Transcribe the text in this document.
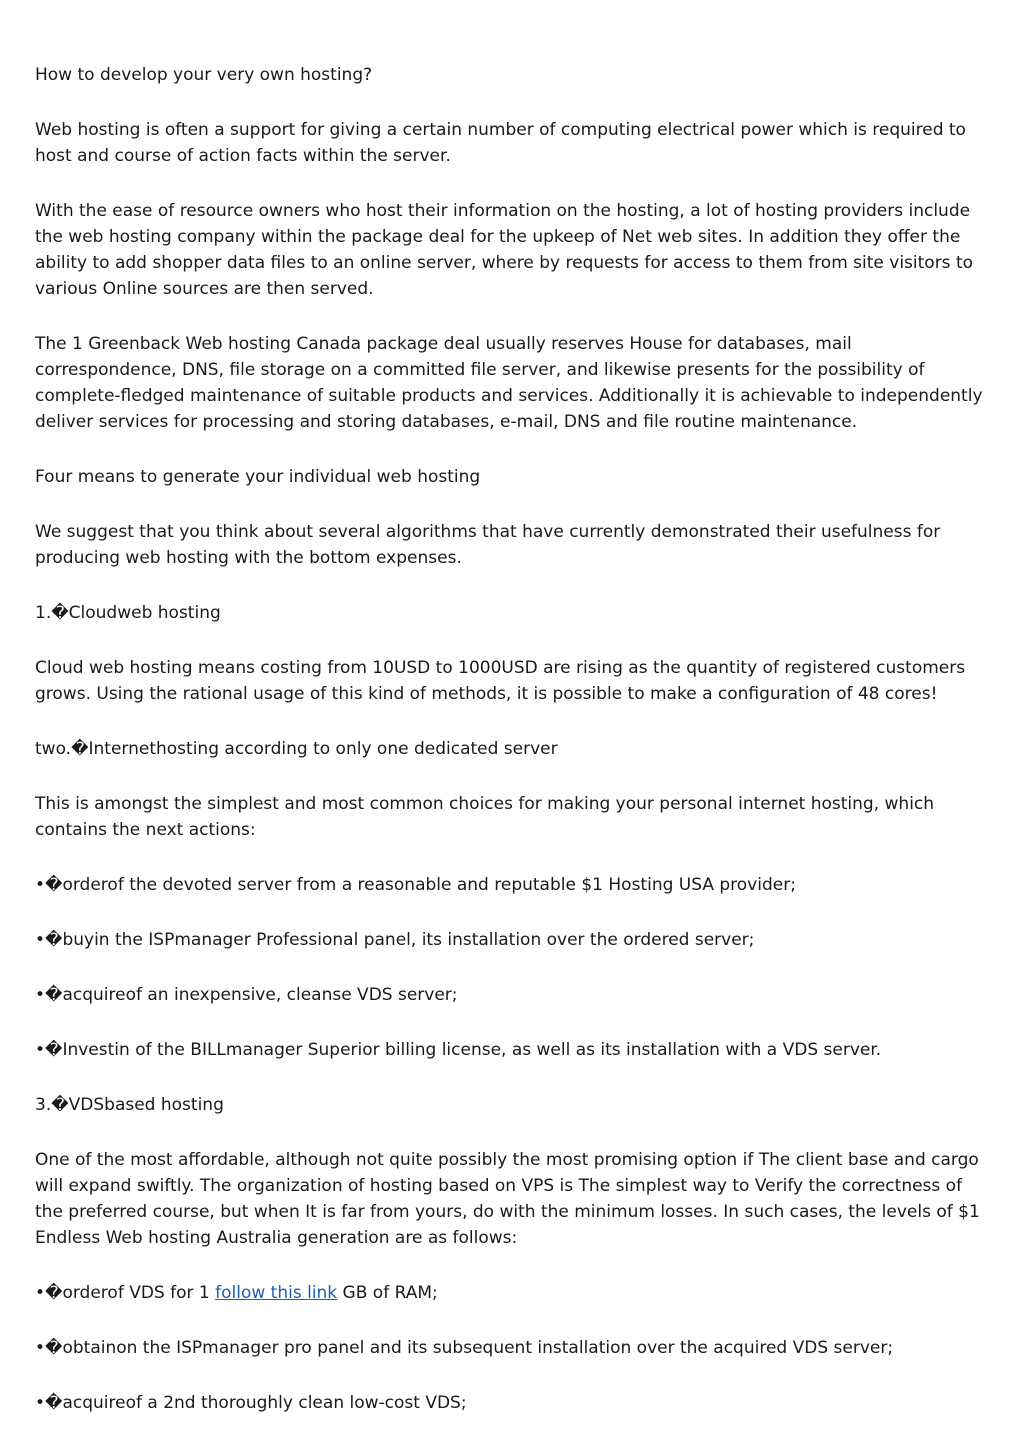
How to develop your very own hosting?

Web hosting is often a support for giving a certain number of computing electrical power which is required to host and course of action facts within the server.

With the ease of resource owners who host their information on the hosting, a lot of hosting providers include the web hosting company within the package deal for the upkeep of Net web sites. In addition they offer the ability to add shopper data files to an online server, where by requests for access to them from site visitors to various Online sources are then served.

The 1 Greenback Web hosting Canada package deal usually reserves House for databases, mail correspondence, DNS, file storage on a committed file server, and likewise presents for the possibility of complete-fledged maintenance of suitable products and services. Additionally it is achievable to independently deliver services for processing and storing databases, e-mail, DNS and file routine maintenance.

Four means to generate your individual web hosting

We suggest that you think about several algorithms that have currently demonstrated their usefulness for producing web hosting with the bottom expenses.

1.�Cloudweb hosting

Cloud web hosting means costing from 10USD to 1000USD are rising as the quantity of registered customers grows. Using the rational usage of this kind of methods, it is possible to make a configuration of 48 cores!

two.�Internethosting according to only one dedicated server

This is amongst the simplest and most common choices for making your personal internet hosting, which contains the next actions:

•�orderof the devoted server from a reasonable and reputable $1 Hosting USA provider;

•�buyin the ISPmanager Professional panel, its installation over the ordered server;

•�acquireof an inexpensive, cleanse VDS server;

•�Investin of the BILLmanager Superior billing license, as well as its installation with a VDS server.

3.�VDSbased hosting

One of the most affordable, although not quite possibly the most promising option if The client base and cargo will expand swiftly. The organization of hosting based on VPS is The simplest way to Verify the correctness of the preferred course, but when It is far from yours, do with the minimum losses. In such cases, the levels of $1 Endless Web hosting Australia generation are as follows:

•�orderof VDS for 1 follow this link GB of RAM;

•�obtainon the ISPmanager pro panel and its subsequent installation over the acquired VDS server;

•�acquireof a 2nd thoroughly clean low-cost VDS;
